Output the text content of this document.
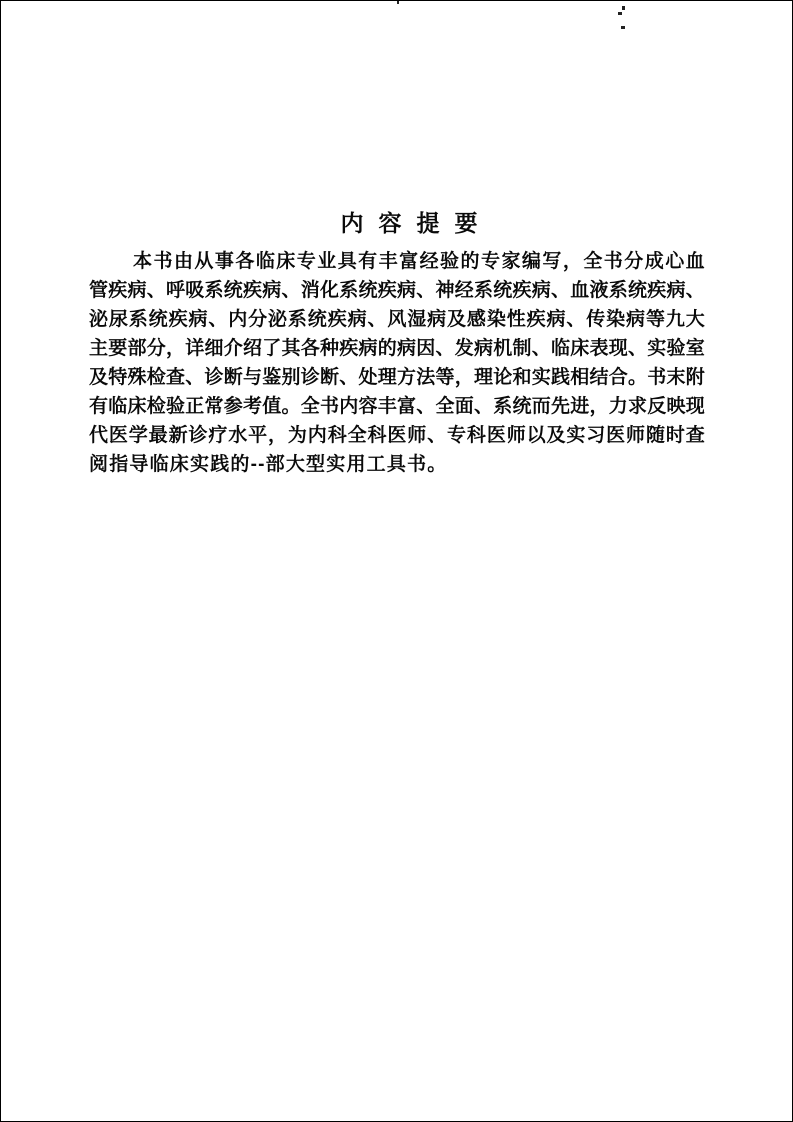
内容提要
本 书 由 从 事 各 临 床 专 业 具 有 丰 富 经 验 的 专 家 编 写 ， 全 书 分 成 心 血
管 疾 病 、 呼 吸 系 统 疾 病 、 消 化 系 统 疾 病 、 神 经 系 统 疾 病 、 血 液 系 统 疾 病 、
泌 尿 系 统 疾 病 、 内 分 泌 系 统 疾 病 、 风 湿 病 及 感 染 性 疾 病 、 传 染 病 等 九 大
主 要 部 分 ， 详 细 介 绍 了 其 各 种 疾 病 的 病 因 、 发 病 机 制 、 临 床 表 现 、 实 验 室
及 特 殊 检 查 、 诊 断 与 鉴 别 诊 断 、 处 理 方 法 等 ， 理 论 和 实 践 相 结 合 。 书 末 附
有 临 床 检 验 正 常 参 考 值 。 全 书 内 容 丰 富 、 全 面 、 系 统 而 先 进 ， 力 求 反 映 现
代 医 学 最 新 诊 疗 水 平 ， 为 内 科 全 科 医 师 、 专 科 医 师 以 及 实 习 医 师 随 时 查
阅指导临床实践的--部大型实用工具书。
